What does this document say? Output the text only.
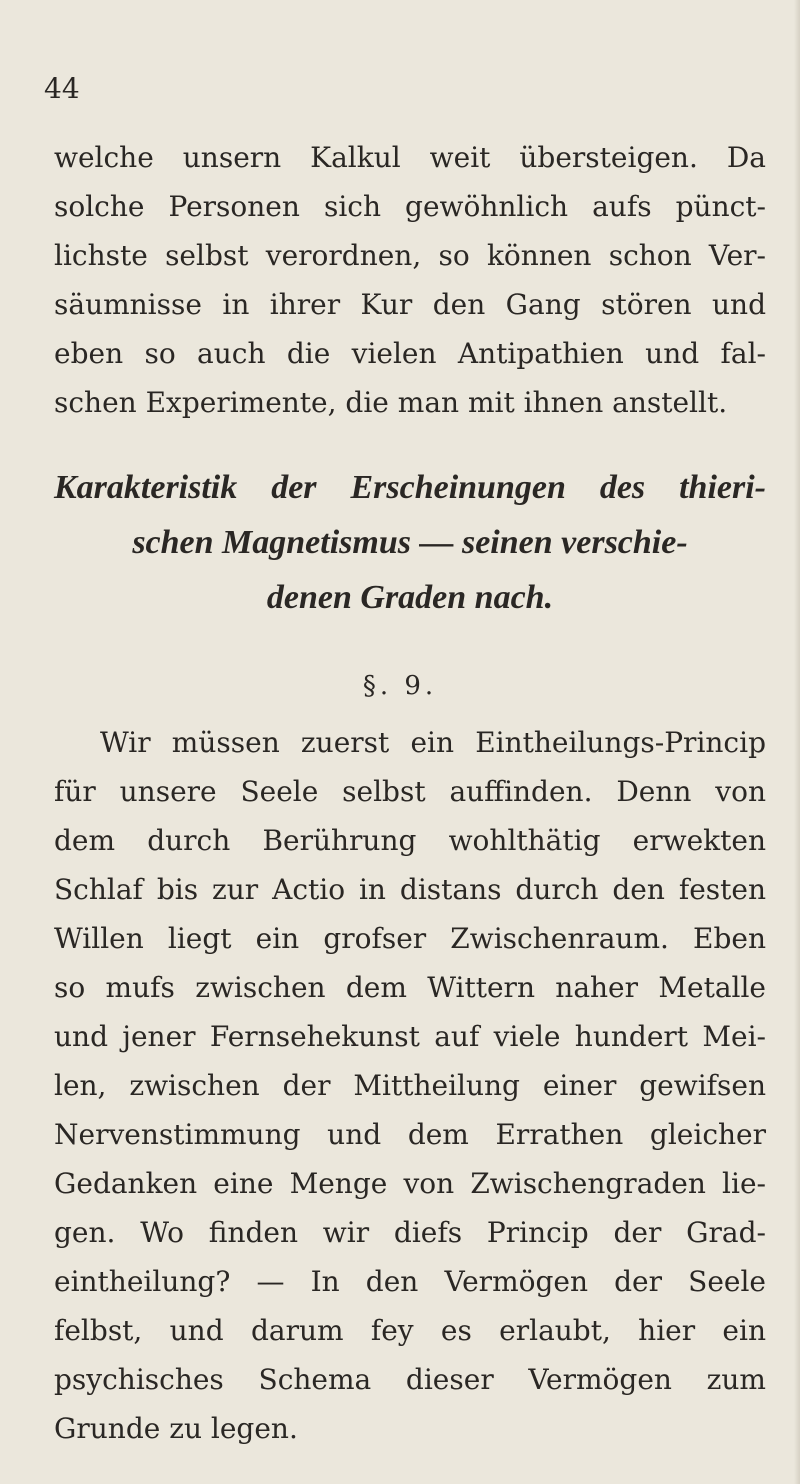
44
welche unsern Kalkul weit übersteigen. Da
solche Personen sich gewöhnlich aufs pünct-
lichste selbst verordnen, so können schon Ver-
säumnisse in ihrer Kur den Gang stören und
eben so auch die vielen Antipathien und fal-
schen Experimente, die man mit ihnen anstellt.
Karakteristik der Erscheinungen des thieri-
schen Magnetismus — seinen verschie-
denen Graden nach.
§. 9.
Wir müssen zuerst ein Eintheilungs-Princip
für unsere Seele selbst auffinden. Denn von
dem durch Berührung wohlthätig erwekten
Schlaf bis zur Actio in distans durch den festen
Willen liegt ein grofser Zwischenraum. Eben
so mufs zwischen dem Wittern naher Metalle
und jener Fernsehekunst auf viele hundert Mei-
len, zwischen der Mittheilung einer gewifsen
Nervenstimmung und dem Errathen gleicher
Gedanken eine Menge von Zwischengraden lie-
gen. Wo finden wir diefs Princip der Grad-
eintheilung? — In den Vermögen der Seele
felbst, und darum fey es erlaubt, hier ein
psychisches Schema dieser Vermögen zum
Grunde zu legen.
